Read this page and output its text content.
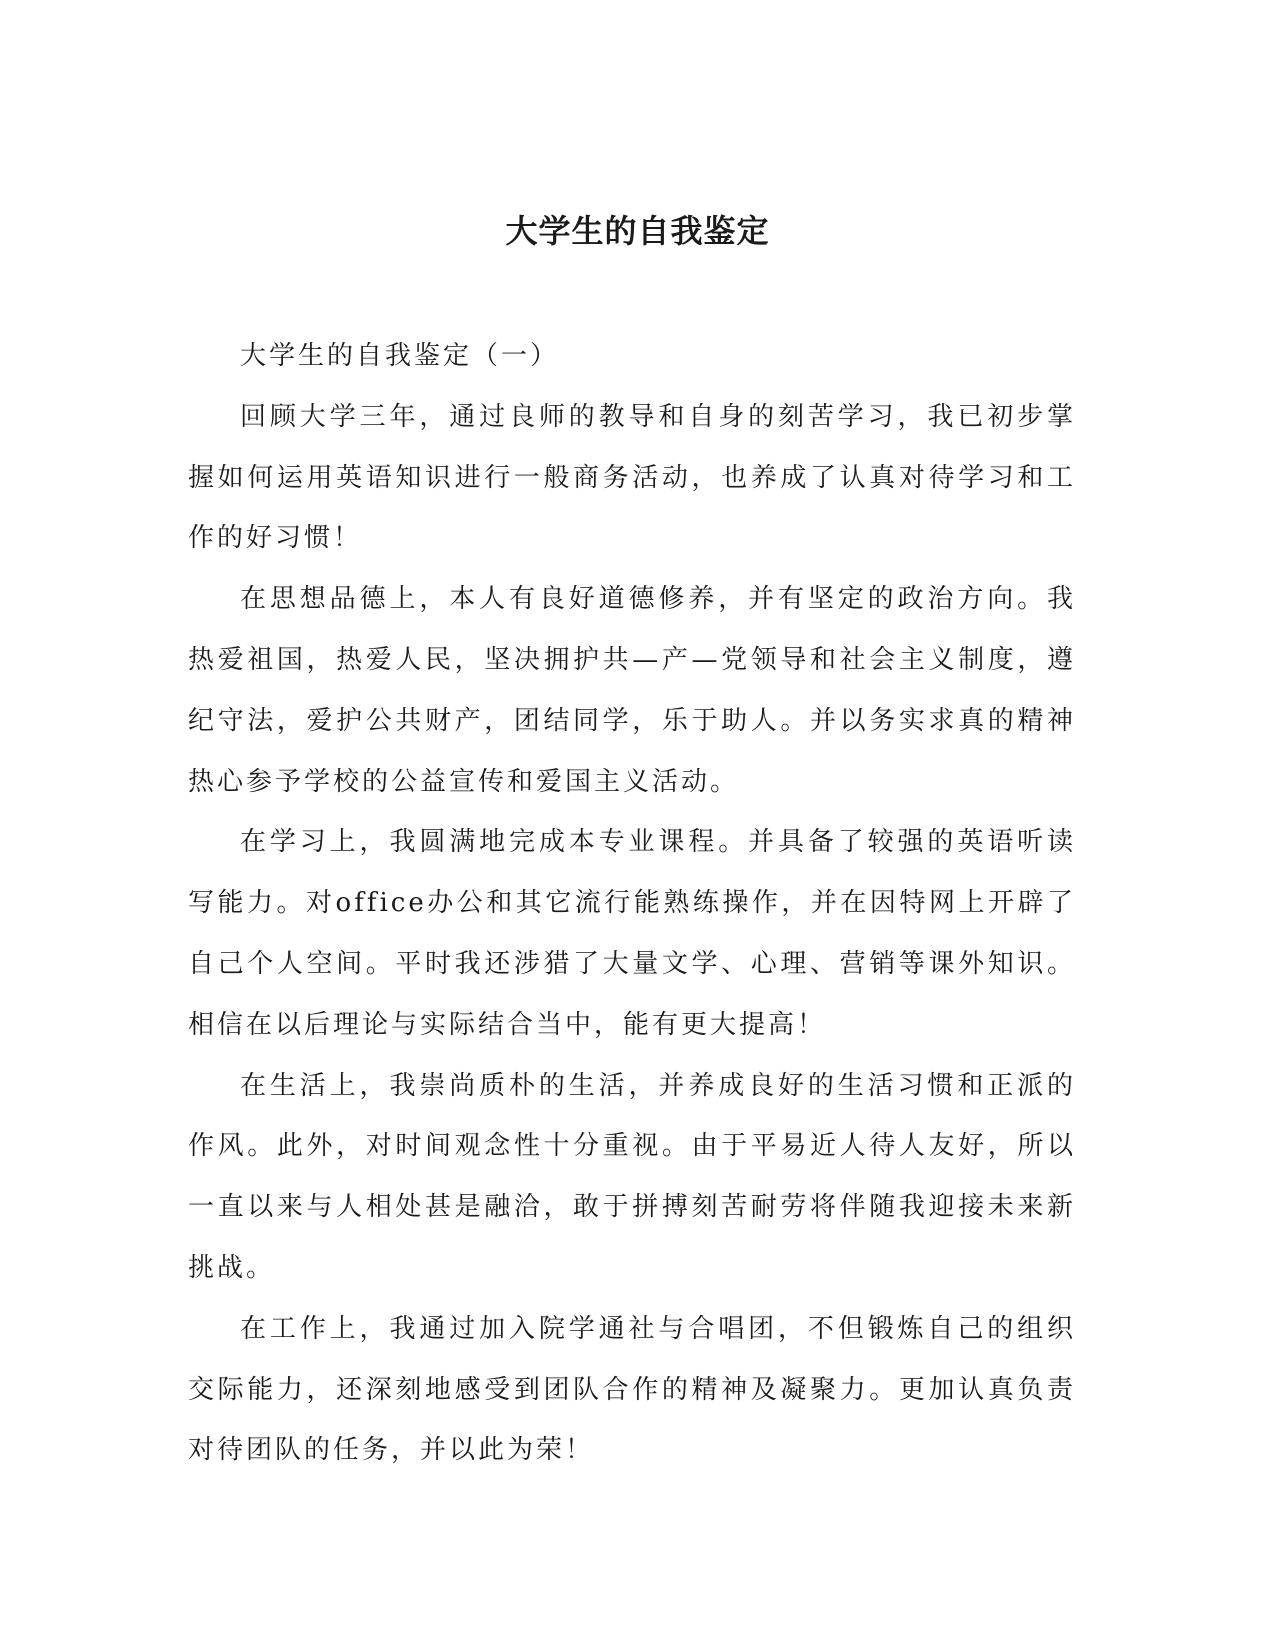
大学生的自我鉴定

大学生的自我鉴定（一）

回顾大学三年，通过良师的教导和自身的刻苦学习，我已初步掌握如何运用英语知识进行一般商务活动，也养成了认真对待学习和工作的好习惯！

在思想品德上，本人有良好道德修养，并有坚定的政治方向。我热爱祖国，热爱人民，坚决拥护共—产—党领导和社会主义制度，遵纪守法，爱护公共财产，团结同学，乐于助人。并以务实求真的精神热心参予学校的公益宣传和爱国主义活动。

在学习上，我圆满地完成本专业课程。并具备了较强的英语听读写能力。对office办公和其它流行能熟练操作，并在因特网上开辟了自己个人空间。平时我还涉猎了大量文学、心理、营销等课外知识。相信在以后理论与实际结合当中，能有更大提高！

在生活上，我崇尚质朴的生活，并养成良好的生活习惯和正派的作风。此外，对时间观念性十分重视。由于平易近人待人友好，所以一直以来与人相处甚是融洽，敢于拼搏刻苦耐劳将伴随我迎接未来新挑战。

在工作上，我通过加入院学通社与合唱团，不但锻炼自己的组织交际能力，还深刻地感受到团队合作的精神及凝聚力。更加认真负责对待团队的任务，并以此为荣！
